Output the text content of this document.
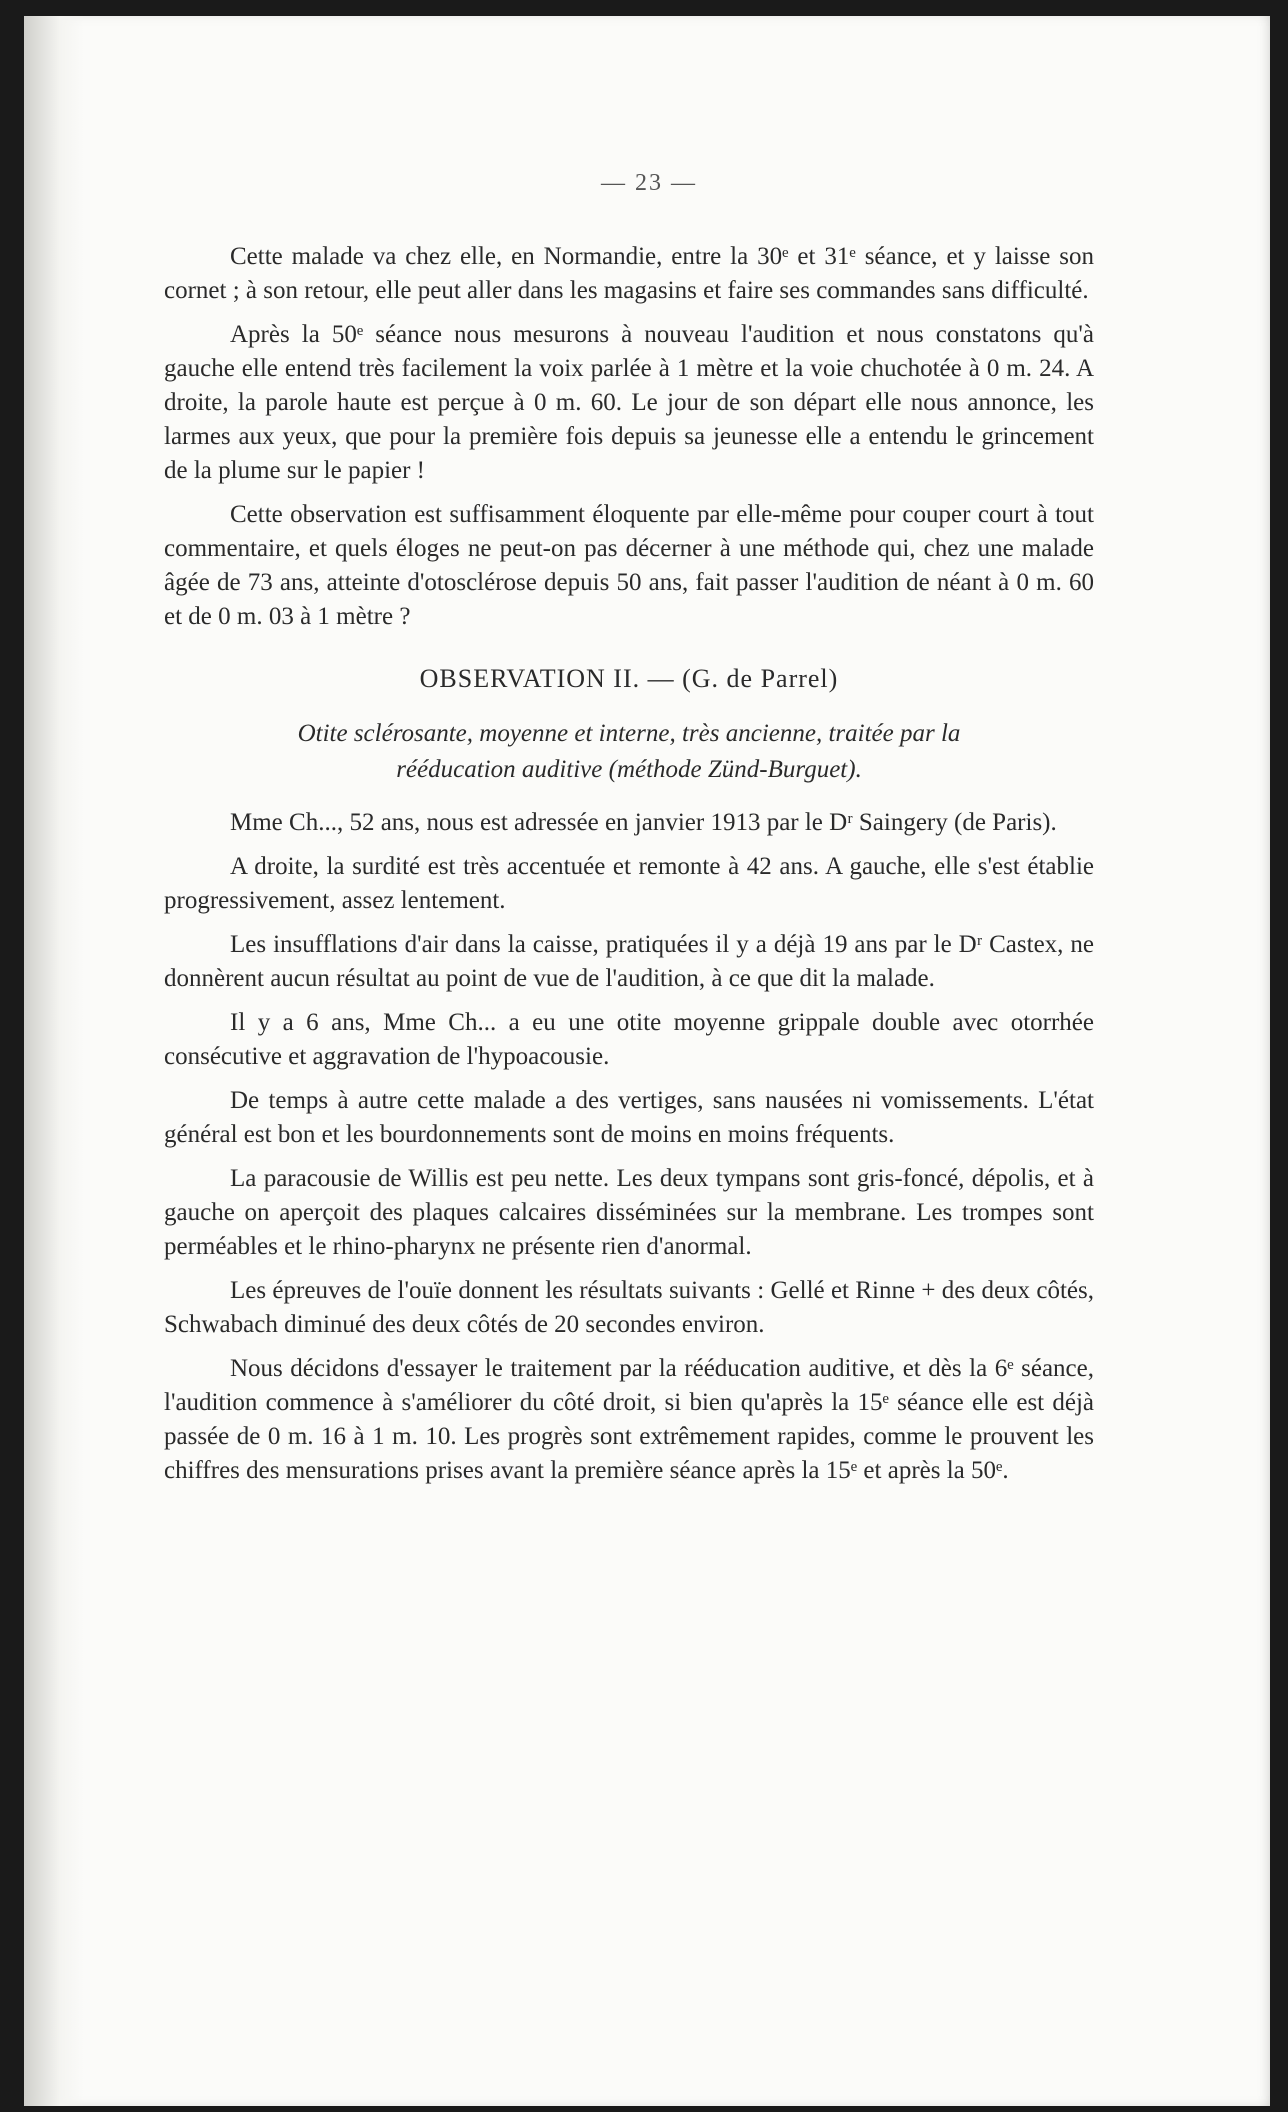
— 23 —

Cette malade va chez elle, en Normandie, entre la 30ᵉ et 31ᵉ séance, et y laisse son cornet ; à son retour, elle peut aller dans les magasins et faire ses commandes sans difficulté.

Après la 50ᵉ séance nous mesurons à nouveau l'audition et nous constatons qu'à gauche elle entend très facilement la voix parlée à 1 mètre et la voie chuchotée à 0 m. 24. A droite, la parole haute est perçue à 0 m. 60. Le jour de son départ elle nous annonce, les larmes aux yeux, que pour la première fois depuis sa jeunesse elle a entendu le grincement de la plume sur le papier !

Cette observation est suffisamment éloquente par elle-même pour couper court à tout commentaire, et quels éloges ne peut-on pas décerner à une méthode qui, chez une malade âgée de 73 ans, atteinte d'otosclérose depuis 50 ans, fait passer l'audition de néant à 0 m. 60 et de 0 m. 03 à 1 mètre ?

OBSERVATION II. — (G. de Parrel)
Otite sclérosante, moyenne et interne, très ancienne, traitée par la
rééducation auditive (méthode Zünd-Burguet).

Mme Ch..., 52 ans, nous est adressée en janvier 1913 par le Dʳ Saingery (de Paris).

A droite, la surdité est très accentuée et remonte à 42 ans. A gauche, elle s'est établie progressivement, assez lentement.

Les insufflations d'air dans la caisse, pratiquées il y a déjà 19 ans par le Dʳ Castex, ne donnèrent aucun résultat au point de vue de l'audition, à ce que dit la malade.

Il y a 6 ans, Mme Ch... a eu une otite moyenne grippale double avec otorrhée consécutive et aggravation de l'hypoacousie.

De temps à autre cette malade a des vertiges, sans nausées ni vomissements. L'état général est bon et les bourdonnements sont de moins en moins fréquents.

La paracousie de Willis est peu nette. Les deux tympans sont gris-foncé, dépolis, et à gauche on aperçoit des plaques calcaires disséminées sur la membrane. Les trompes sont perméables et le rhino-pharynx ne présente rien d'anormal.

Les épreuves de l'ouïe donnent les résultats suivants : Gellé et Rinne + des deux côtés, Schwabach diminué des deux côtés de 20 secondes environ.

Nous décidons d'essayer le traitement par la rééducation auditive, et dès la 6ᵉ séance, l'audition commence à s'améliorer du côté droit, si bien qu'après la 15ᵉ séance elle est déjà passée de 0 m. 16 à 1 m. 10. Les progrès sont extrêmement rapides, comme le prouvent les chiffres des mensurations prises avant la première séance après la 15ᵉ et après la 50ᵉ.
